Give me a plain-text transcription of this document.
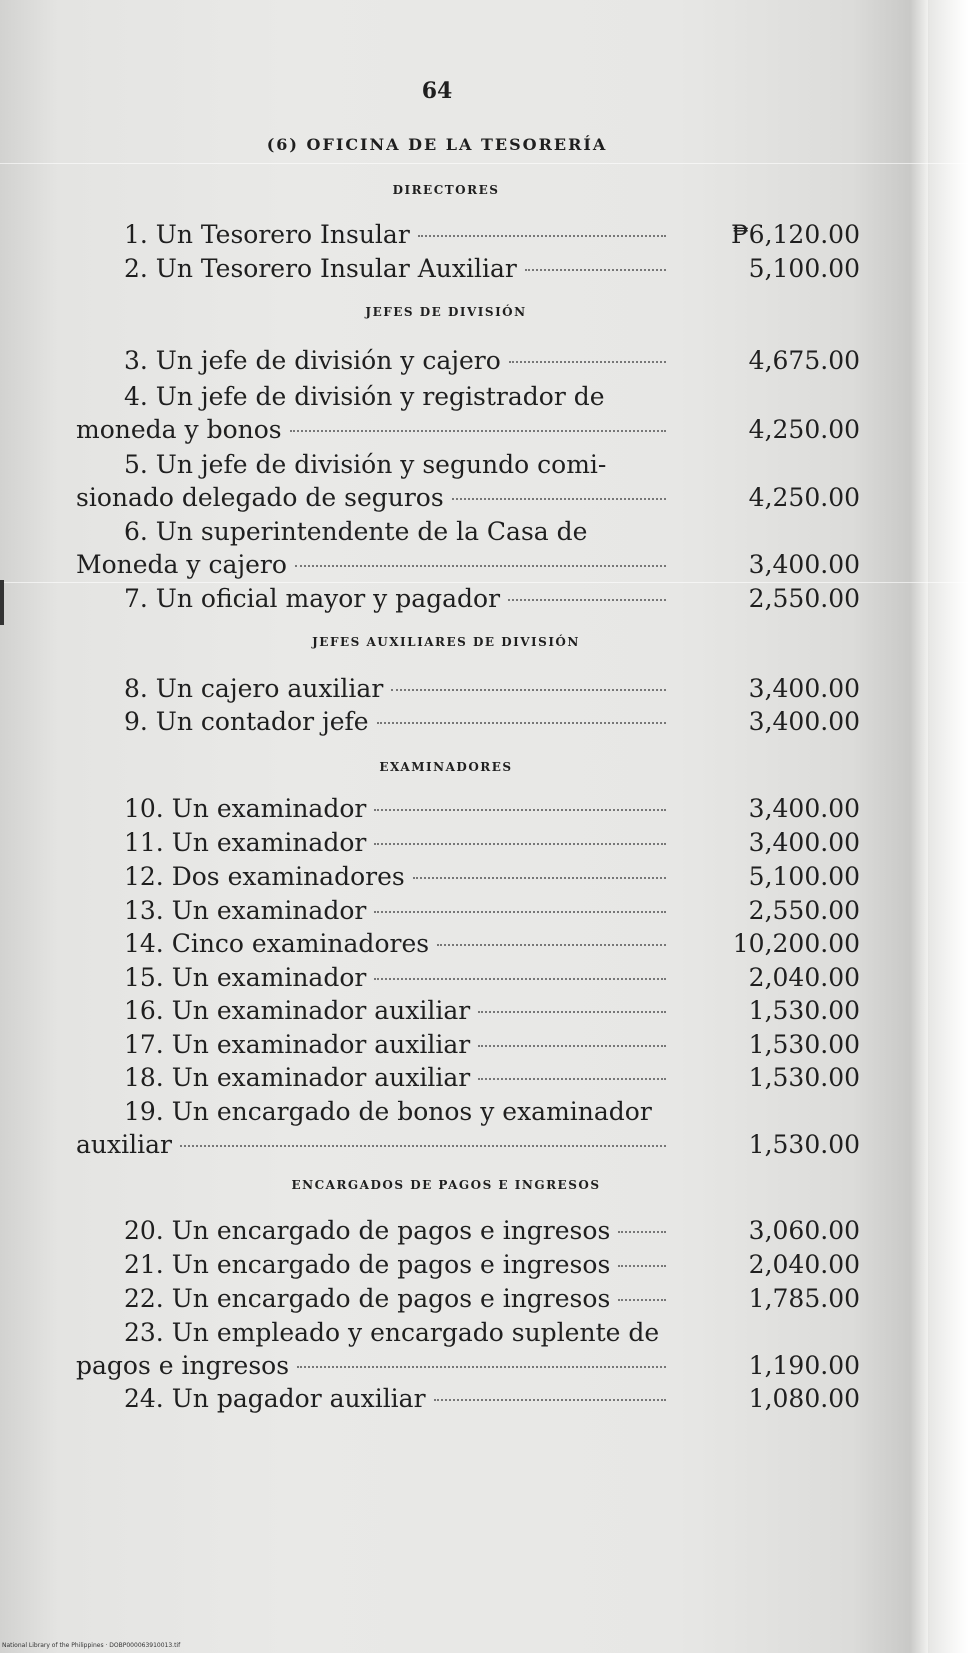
64
(6) OFICINA DE LA TESORERÍA
DIRECTORES
1. Un Tesorero Insular	₱6,120.00
2. Un Tesorero Insular Auxiliar	5,100.00
JEFES DE DIVISIÓN
3. Un jefe de división y cajero	4,675.00
4. Un jefe de división y registrador de
moneda y bonos	4,250.00
5. Un jefe de división y segundo comi-
sionado delegado de seguros	4,250.00
6. Un superintendente de la Casa de
Moneda y cajero	3,400.00
7. Un oficial mayor y pagador	2,550.00
JEFES AUXILIARES DE DIVISIÓN
8. Un cajero auxiliar	3,400.00
9. Un contador jefe	3,400.00
EXAMINADORES
10. Un examinador	3,400.00
11. Un examinador	3,400.00
12. Dos examinadores	5,100.00
13. Un examinador	2,550.00
14. Cinco examinadores	10,200.00
15. Un examinador	2,040.00
16. Un examinador auxiliar	1,530.00
17. Un examinador auxiliar	1,530.00
18. Un examinador auxiliar	1,530.00
19. Un encargado de bonos y examinador
auxiliar	1,530.00
ENCARGADOS DE PAGOS E INGRESOS
20. Un encargado de pagos e ingresos	3,060.00
21. Un encargado de pagos e ingresos	2,040.00
22. Un encargado de pagos e ingresos	1,785.00
23. Un empleado y encargado suplente de
pagos e ingresos	1,190.00
24. Un pagador auxiliar	1,080.00
National Library of the Philippines · DOBP000063910013.tif
